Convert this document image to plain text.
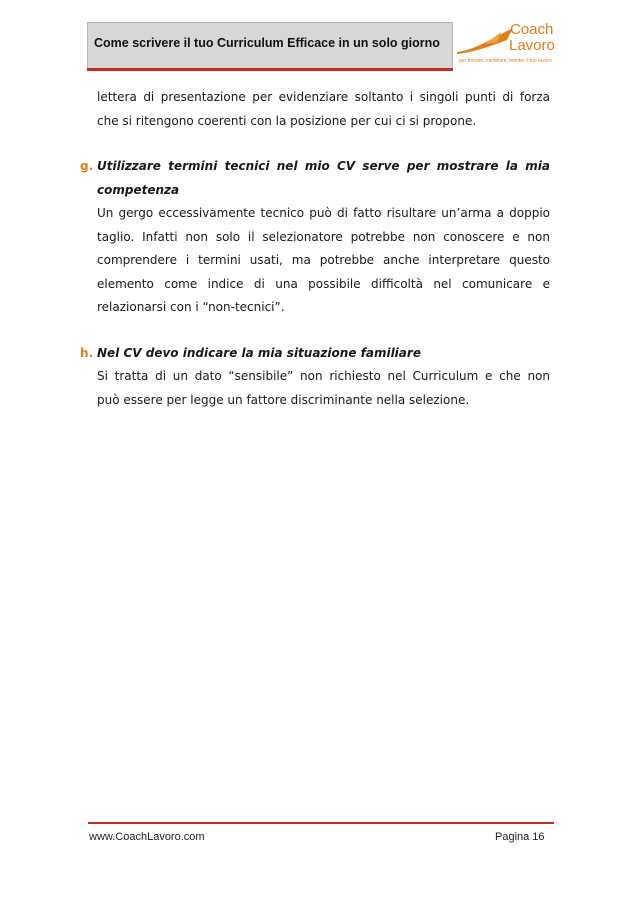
Come scrivere il tuo Curriculum Efficace in un solo giorno
Coach
Lavoro
per trovare, cambiare, mentre il tuo lavoro

lettera di presentazione per evidenziare soltanto i singoli punti di forza
che si ritengono coerenti con la posizione per cui ci si propone.

g. Utilizzare termini tecnici nel mio CV serve per mostrare la mia
competenza

Un gergo eccessivamente tecnico può di fatto risultare un’arma a doppio
taglio. Infatti non solo il selezionatore potrebbe non conoscere e non
comprendere i termini usati, ma potrebbe anche interpretare questo
elemento come indice di una possibile difficoltà nel comunicare e
relazionarsi con i “non-tecnici”.

h. Nel CV devo indicare la mia situazione familiare

Si tratta di un dato “sensibile” non richiesto nel Curriculum e che non
può essere per legge un fattore discriminante nella selezione.

www.CoachLavoro.com	Pagina 16
